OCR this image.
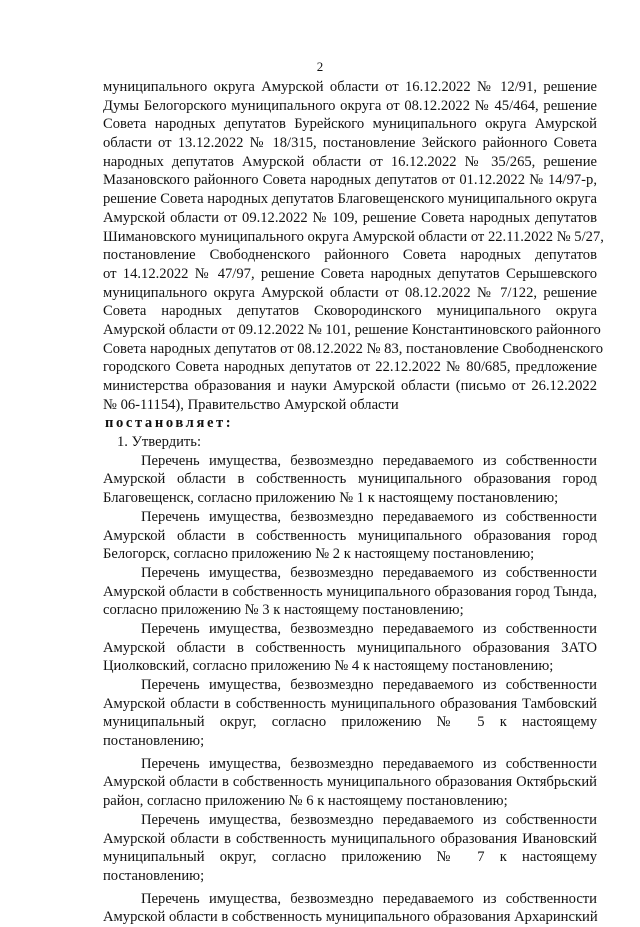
2
муниципального округа Амурской области от 16.12.2022 № 12/91, решение
Думы Белогорского муниципального округа от 08.12.2022 № 45/464, решение
Совета народных депутатов Бурейского муниципального округа Амурской
области от 13.12.2022 № 18/315, постановление Зейского районного Совета
народных депутатов Амурской области от 16.12.2022 № 35/265, решение
Мазановского районного Совета народных депутатов от 01.12.2022 № 14/97-р,
решение Совета народных депутатов Благовещенского муниципального округа
Амурской области от 09.12.2022 № 109, решение Совета народных депутатов
Шимановского муниципального округа Амурской области от 22.11.2022 № 5/27,
постановление Свободненского районного Совета народных депутатов
от 14.12.2022 № 47/97, решение Совета народных депутатов Серышевского
муниципального округа Амурской области от 08.12.2022 № 7/122, решение
Совета народных депутатов Сковородинского муниципального округа
Амурской области от 09.12.2022 № 101, решение Константиновского районного
Совета народных депутатов от 08.12.2022 № 83, постановление Свободненского
городского Совета народных депутатов от 22.12.2022 № 80/685, предложение
министерства образования и науки Амурской области (письмо от 26.12.2022
№ 06-11154), Правительство Амурской области
постановляет:
1. Утвердить:
Перечень имущества, безвозмездно передаваемого из собственности
Амурской области в собственность муниципального образования город
Благовещенск, согласно приложению № 1 к настоящему постановлению;
Перечень имущества, безвозмездно передаваемого из собственности
Амурской области в собственность муниципального образования город
Белогорск, согласно приложению № 2 к настоящему постановлению;
Перечень имущества, безвозмездно передаваемого из собственности
Амурской области в собственность муниципального образования город Тында,
согласно приложению № 3 к настоящему постановлению;
Перечень имущества, безвозмездно передаваемого из собственности
Амурской области в собственность муниципального образования ЗАТО
Циолковский, согласно приложению № 4 к настоящему постановлению;
Перечень имущества, безвозмездно передаваемого из собственности
Амурской области в собственность муниципального образования Тамбовский
муниципальный округ, согласно приложению № 5 к настоящему
постановлению;
Перечень имущества, безвозмездно передаваемого из собственности
Амурской области в собственность муниципального образования Октябрьский
район, согласно приложению № 6 к настоящему постановлению;
Перечень имущества, безвозмездно передаваемого из собственности
Амурской области в собственность муниципального образования Ивановский
муниципальный округ, согласно приложению № 7 к настоящему
постановлению;
Перечень имущества, безвозмездно передаваемого из собственности
Амурской области в собственность муниципального образования Архаринский
